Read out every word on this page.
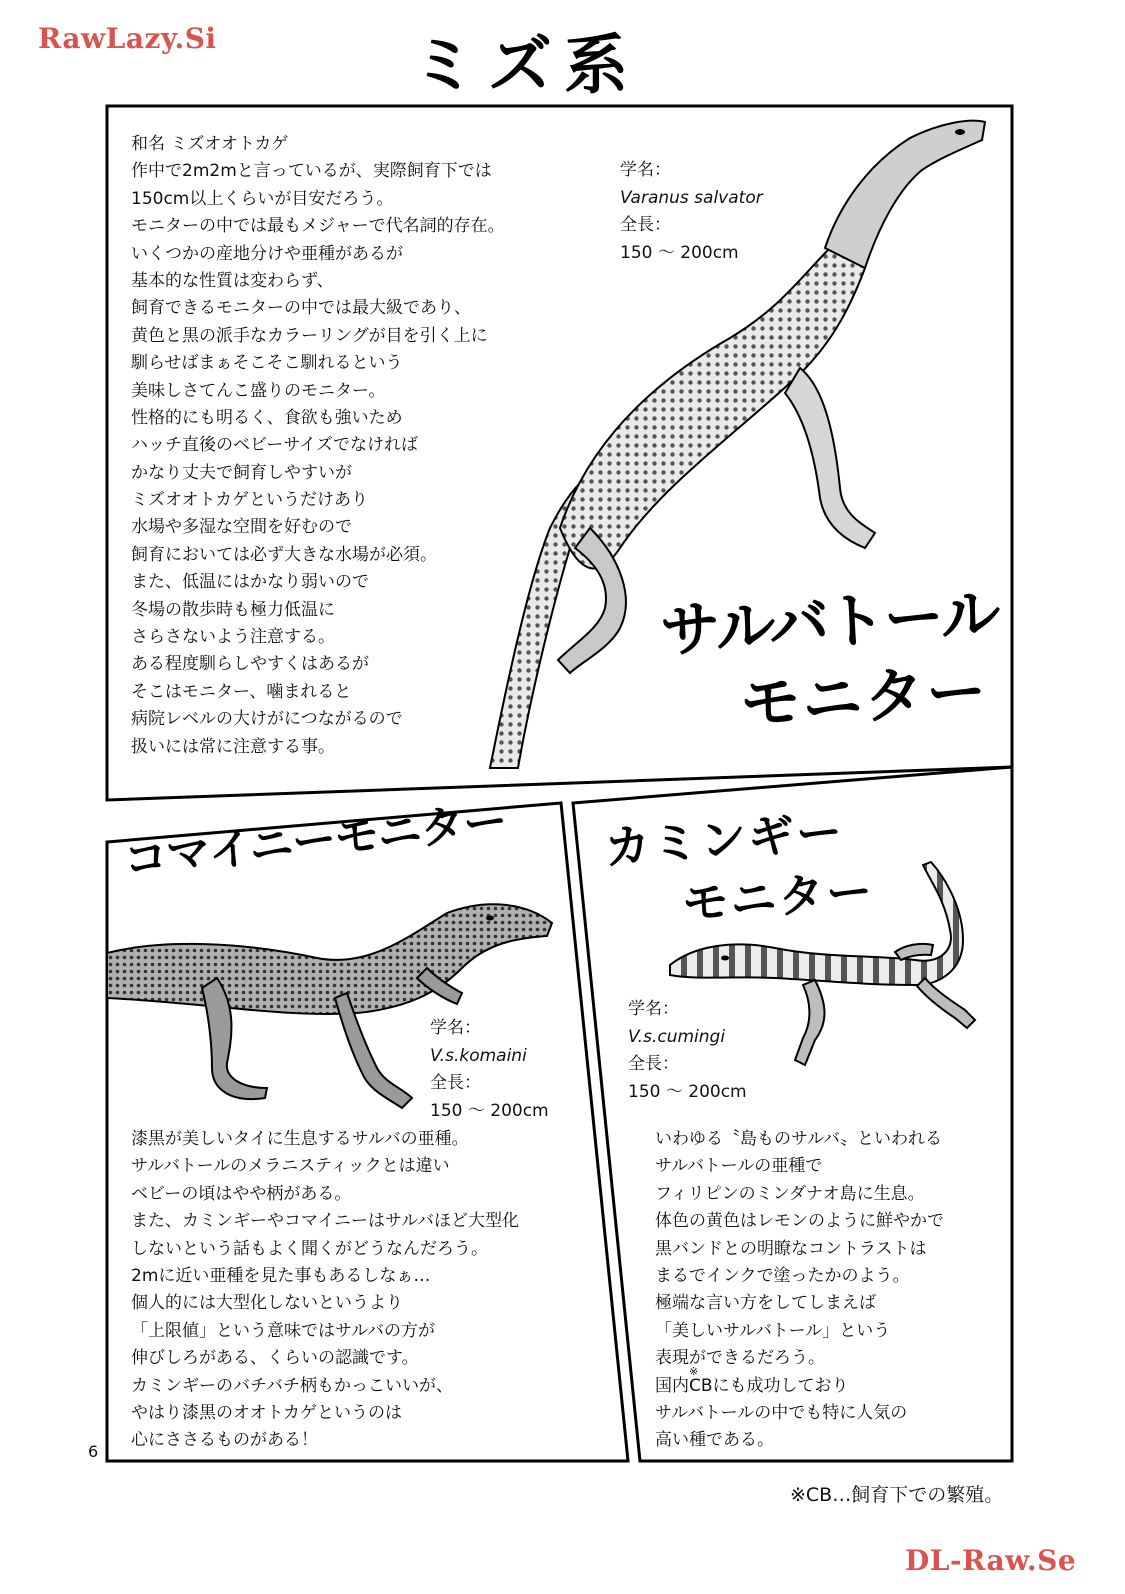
RawLazy.Si
DL-Raw.Se
ミズ系
和名 ミズオオトカゲ
作中で2m2mと言っているが、実際飼育下では
150cm以上くらいが目安だろう。
モニターの中では最もメジャーで代名詞的存在。
いくつかの産地分けや亜種があるが
基本的な性質は変わらず、
飼育できるモニターの中では最大級であり、
黄色と黒の派手なカラーリングが目を引く上に
馴らせばまぁそこそこ馴れるという
美味しさてんこ盛りのモニター。
性格的にも明るく、食欲も強いため
ハッチ直後のベビーサイズでなければ
かなり丈夫で飼育しやすいが
ミズオオトカゲというだけあり
水場や多湿な空間を好むので
飼育においては必ず大きな水場が必須。
また、低温にはかなり弱いので
冬場の散歩時も極力低温に
さらさないよう注意する。
ある程度馴らしやすくはあるが
そこはモニター、噛まれると
病院レベルの大けがにつながるので
扱いには常に注意する事。
学名：
Varanus salvator
全長：
150 ～ 200cm
サルバトール
モニター
コマイニーモニター
学名：
V.s.komaini
全長：
150 ～ 200cm
漆黒が美しいタイに生息するサルバの亜種。
サルバトールのメラニスティックとは違い
ベビーの頃はやや柄がある。
また、カミンギーやコマイニーはサルバほど大型化
しないという話もよく聞くがどうなんだろう。
2mに近い亜種を見た事もあるしなぁ…
個人的には大型化しないというより
「上限値」という意味ではサルバの方が
伸びしろがある、くらいの認識です。
カミンギーのバチバチ柄もかっこいいが、
やはり漆黒のオオトカゲというのは
心にささるものがある！
カミンギー
モニター
学名：
V.s.cumingi
全長：
150 ～ 200cm
※
いわゆる〝島ものサルバ〟といわれる
サルバトールの亜種で
フィリピンのミンダナオ島に生息。
体色の黄色はレモンのように鮮やかで
黒バンドとの明瞭なコントラストは
まるでインクで塗ったかのよう。
極端な言い方をしてしまえば
「美しいサルバトール」という
表現ができるだろう。
国内CBにも成功しており
サルバトールの中でも特に人気の
高い種である。
6
※CB…飼育下での繁殖。
